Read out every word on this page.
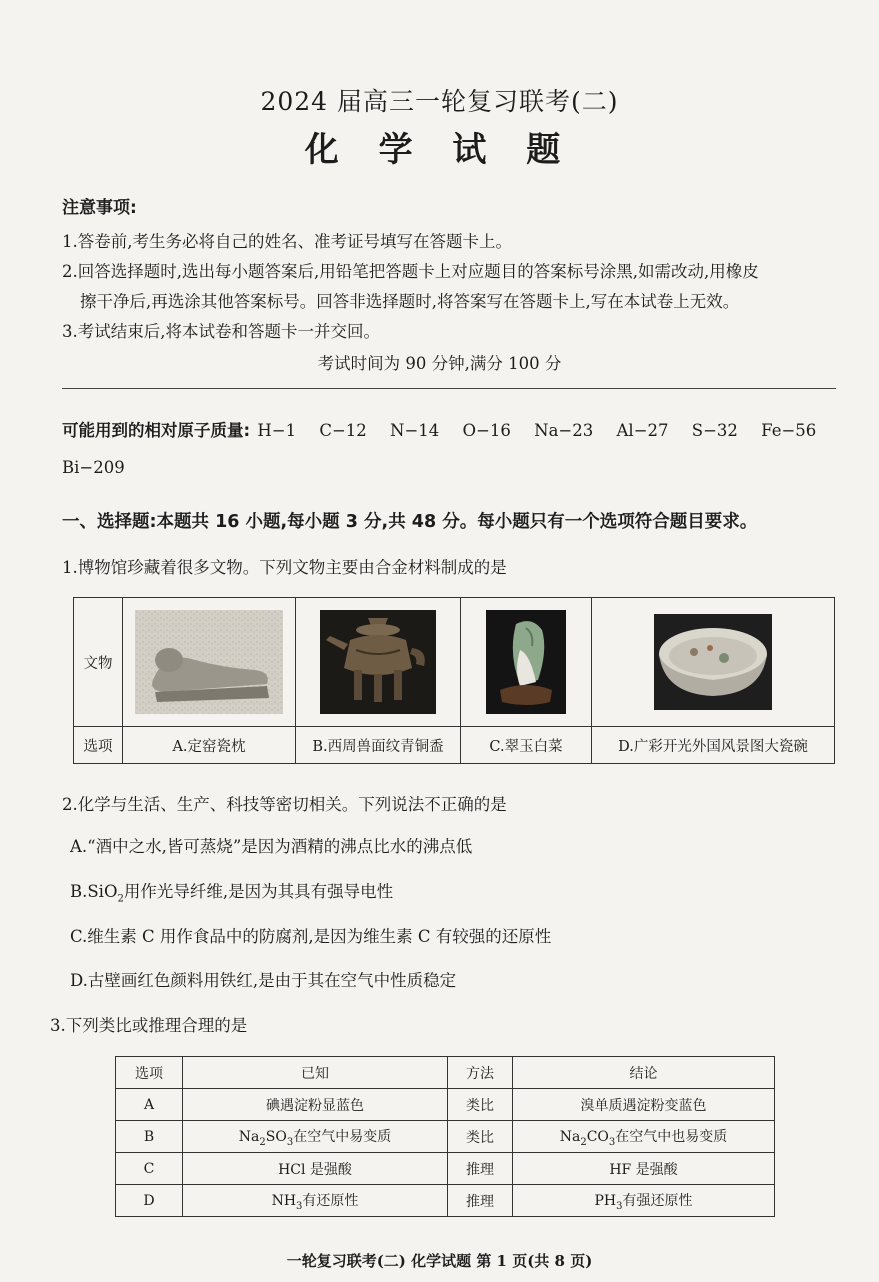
2024 届高三一轮复习联考(二)
化 学 试 题
注意事项:
1.答卷前,考生务必将自己的姓名、准考证号填写在答题卡上。
2.回答选择题时,选出每小题答案后,用铅笔把答题卡上对应题目的答案标号涂黑,如需改动,用橡皮
擦干净后,再选涂其他答案标号。回答非选择题时,将答案写在答题卡上,写在本试卷上无效。
3.考试结束后,将本试卷和答题卡一并交回。
考试时间为 90 分钟,满分 100 分
可能用到的相对原子质量: H−1 C−12 N−14 O−16 Na−23 Al−27 S−32 Fe−56
Bi−209
一、选择题:本题共 16 小题,每小题 3 分,共 48 分。每小题只有一个选项符合题目要求。
1.博物馆珍藏着很多文物。下列文物主要由合金材料制成的是
文物	

选项	A.定窑瓷枕	B.西周兽面纹青铜盉	C.翠玉白菜	D.广彩开光外国风景图大瓷碗
2.化学与生活、生产、科技等密切相关。下列说法不正确的是
A.“酒中之水,皆可蒸烧”是因为酒精的沸点比水的沸点低
B.SiO$_2$用作光导纤维,是因为其具有强导电性
C.维生素 C 用作食品中的防腐剂,是因为维生素 C 有较强的还原性
D.古壁画红色颜料用铁红,是由于其在空气中性质稳定
3.下列类比或推理合理的是
选项	已知	方法	结论
A	碘遇淀粉显蓝色	类比	溴单质遇淀粉变蓝色
B	$Na_2SO_3$在空气中易变质	类比	$Na_2CO_3$在空气中也易变质
C	HCl 是强酸	推理	HF 是强酸
D	$NH_3$有还原性	推理	$PH_3$有强还原性
一轮复习联考(二) 化学试题 第 1 页(共 8 页)
